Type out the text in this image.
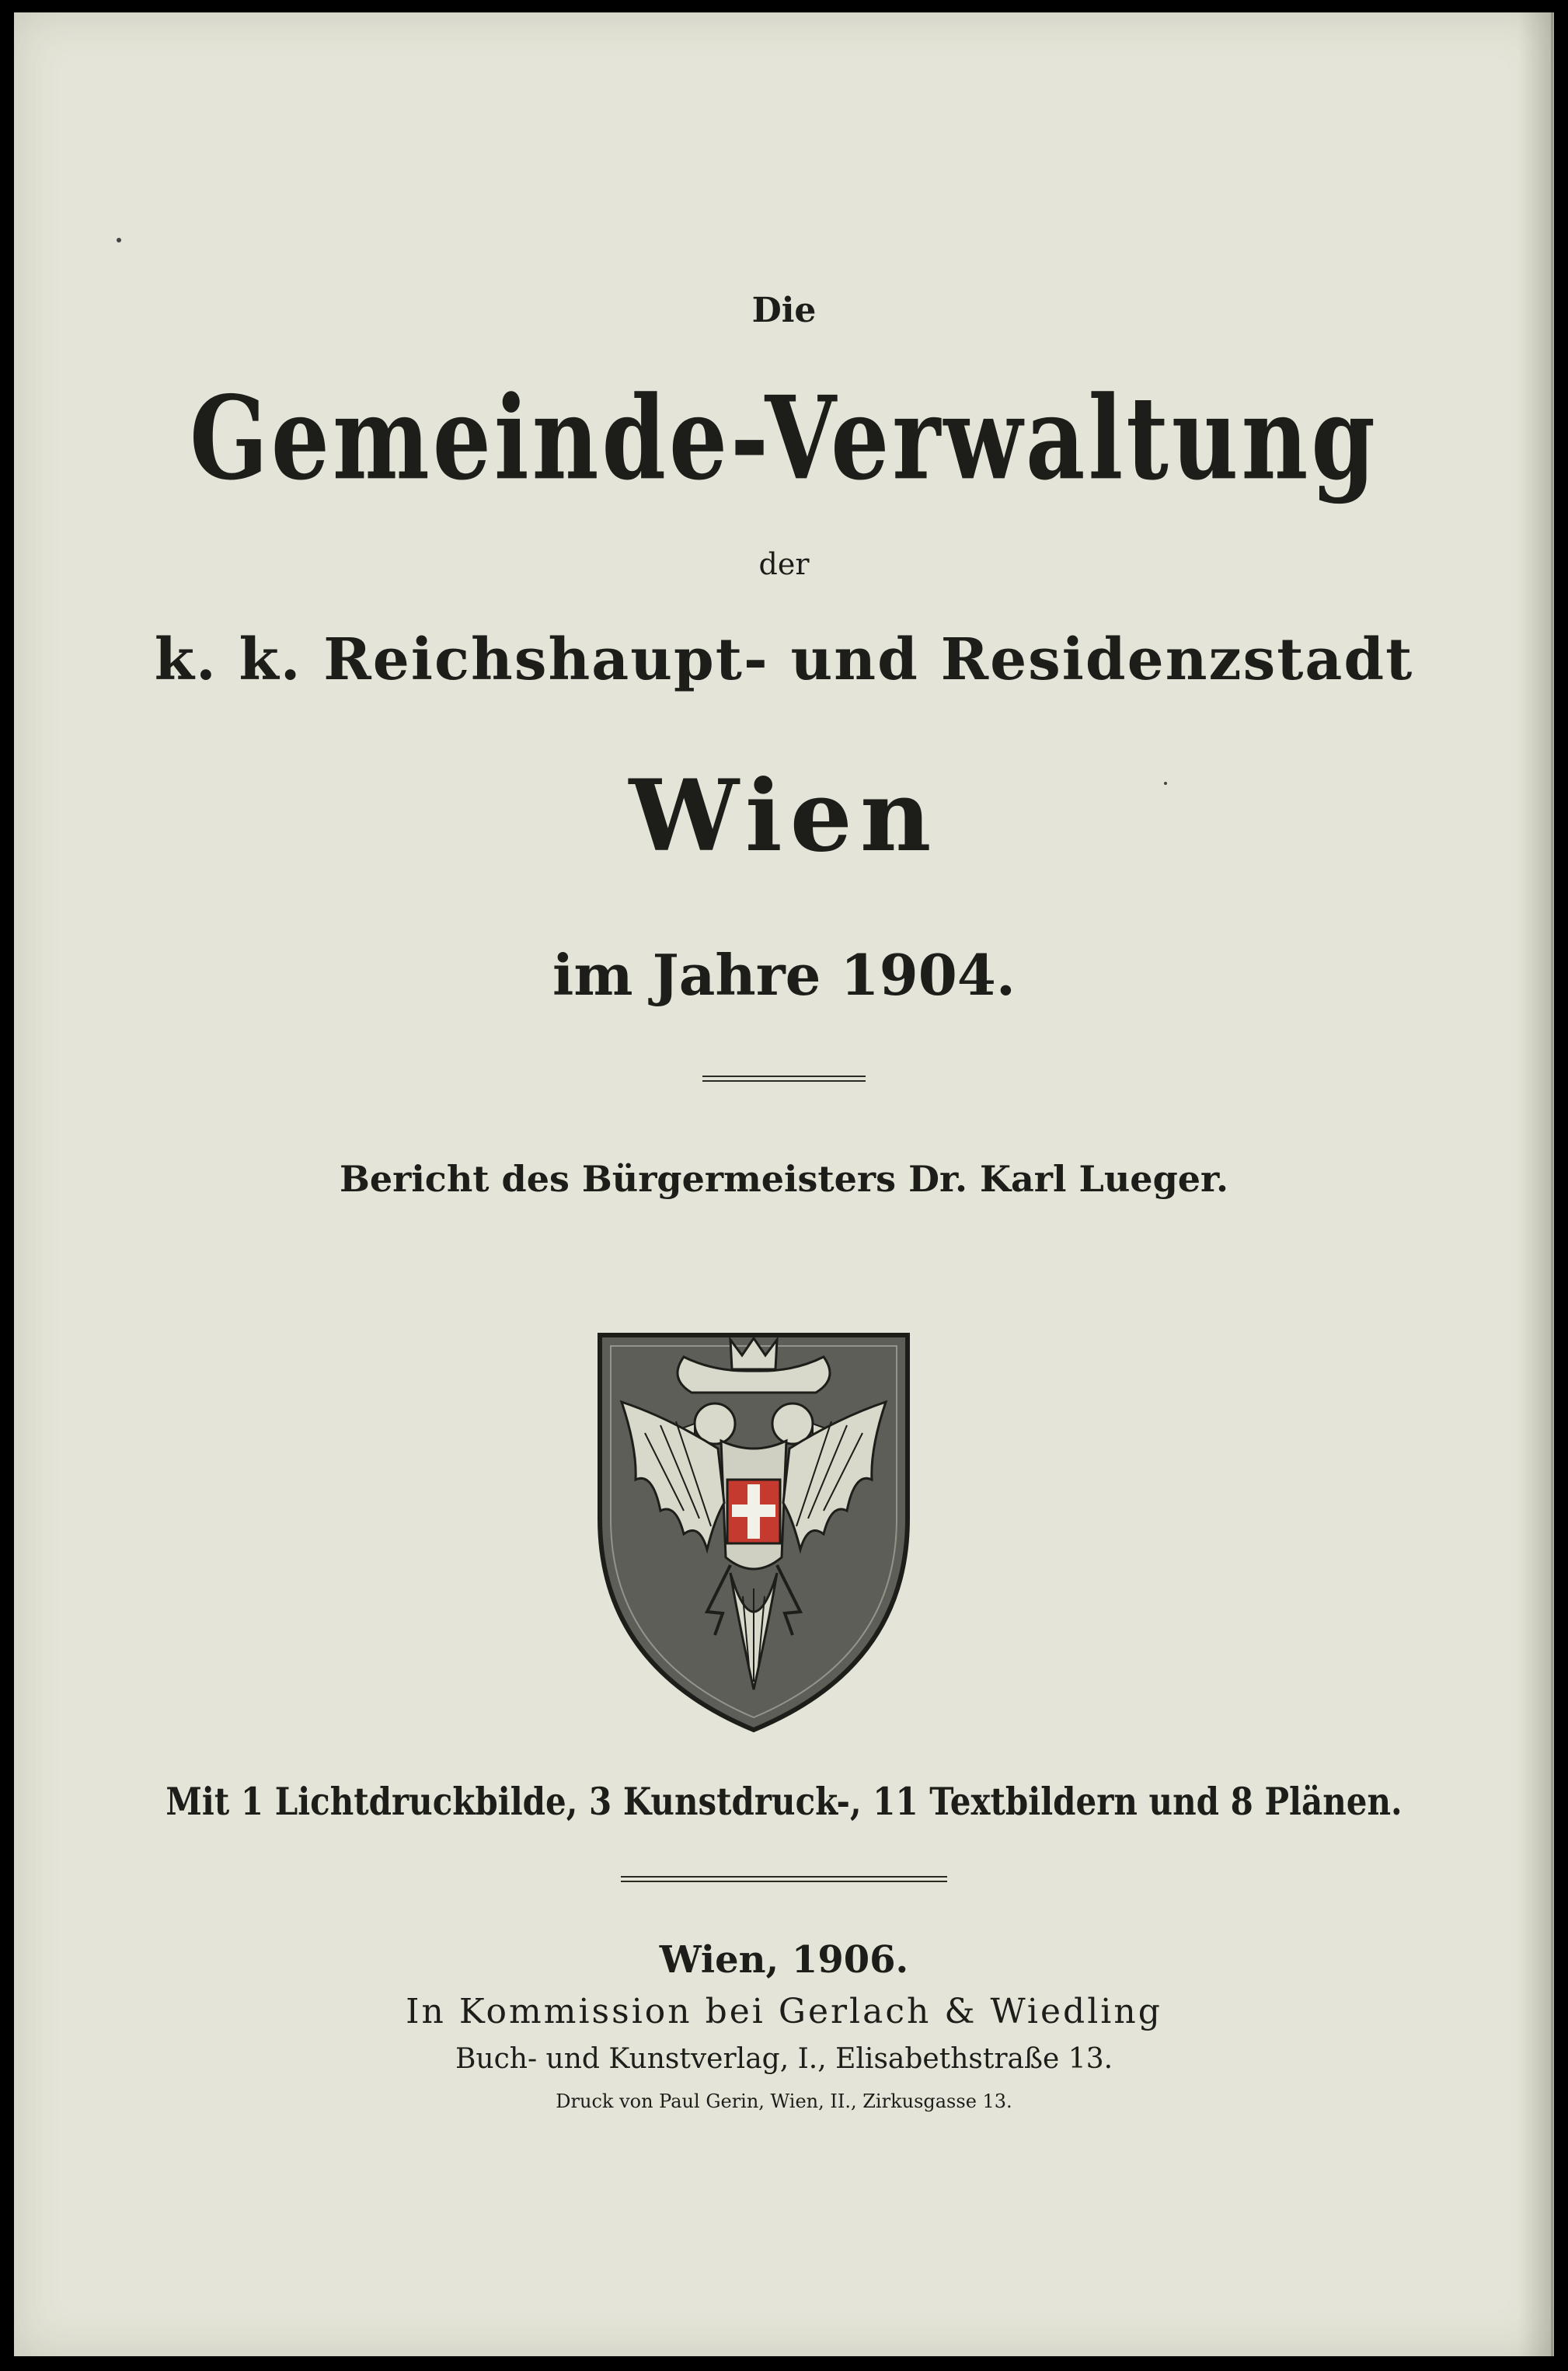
Die

Gemeinde-Verwaltung

der

k. k. Reichshaupt- und Residenzstadt

Wien

im Jahre 1904.

Bericht des Bürgermeisters Dr. Karl Lueger.

Mit 1 Lichtdruckbilde, 3 Kunstdruck-, 11 Textbildern und 8 Plänen.

Wien, 1906.

In Kommission bei Gerlach & Wiedling

Buch- und Kunstverlag, I., Elisabethstraße 13.

Druck von Paul Gerin, Wien, II., Zirkusgasse 13.
